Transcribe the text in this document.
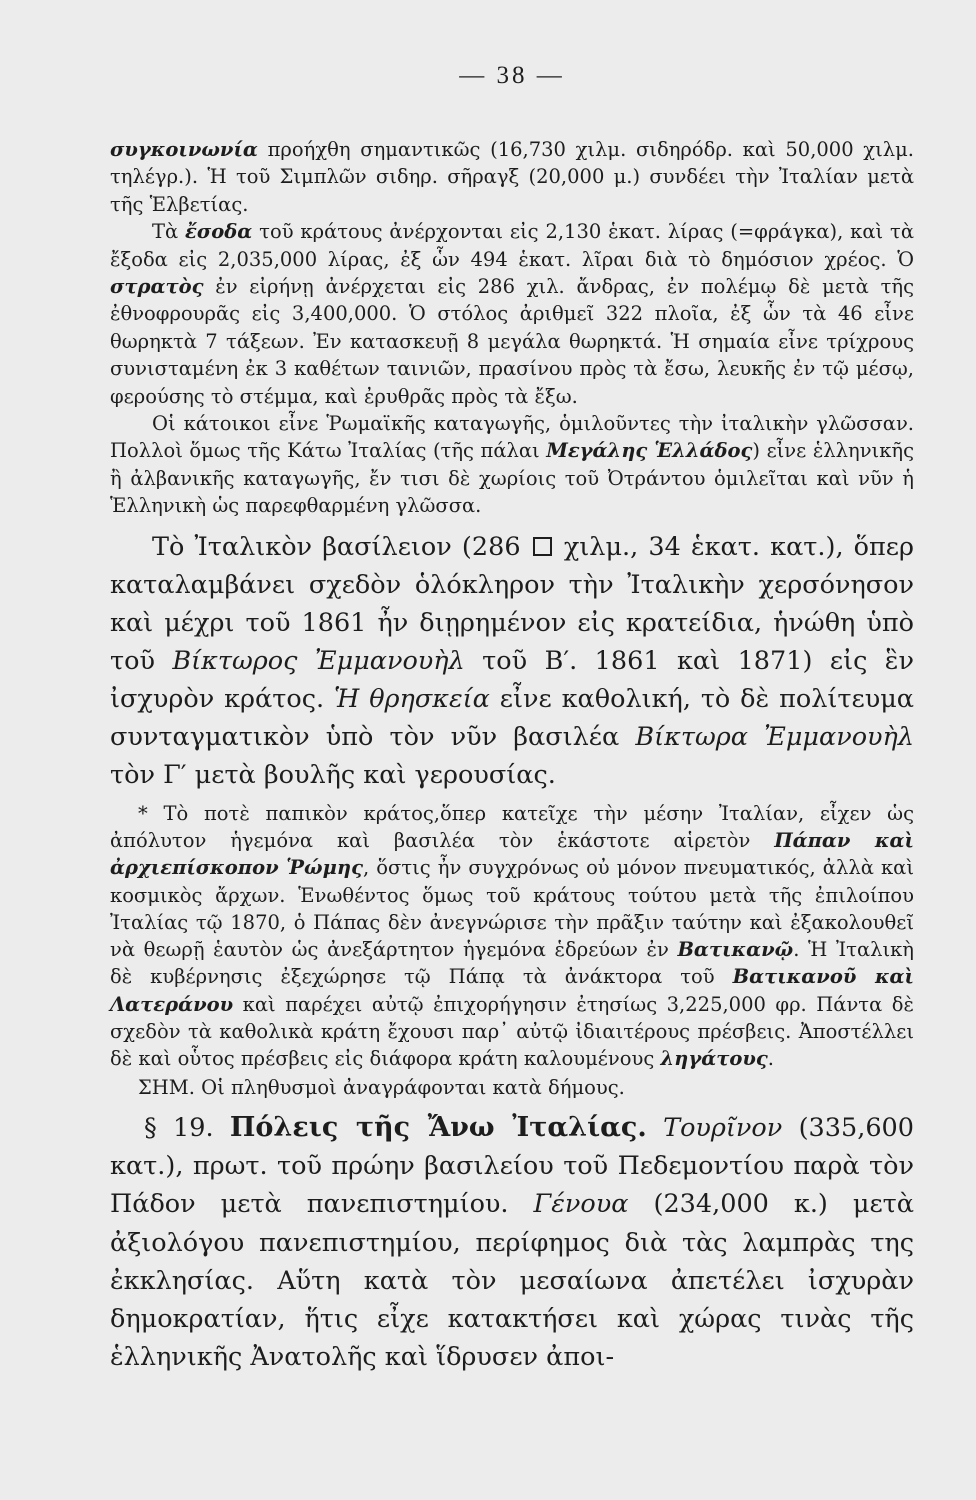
— 38 —

συγκοινωνία προήχθη σημαντικῶς (16,730 χιλμ. σιδηρόδρ. καὶ 50,000 χιλμ. τηλέγρ.). Ἡ τοῦ Σιμπλῶν σιδηρ. σῆραγξ (20,000 μ.) συνδέει τὴν Ἰταλίαν μετὰ τῆς Ἑλβετίας.

Τὰ ἔσοδα τοῦ κράτους ἀνέρχονται εἰς 2,130 ἑκατ. λίρας (=φράγκα), καὶ τὰ ἔξοδα εἰς 2,035,000 λίρας, ἐξ ὧν 494 ἑκατ. λῖραι διὰ τὸ δημόσιον χρέος. Ὁ στρατὸς ἐν εἰρήνῃ ἀνέρχεται εἰς 286 χιλ. ἄνδρας, ἐν πολέμῳ δὲ μετὰ τῆς ἐθνοφρουρᾶς εἰς 3,400,000. Ὁ στόλος ἀριθμεῖ 322 πλοῖα, ἐξ ὧν τὰ 46 εἶνε θωρηκτὰ 7 τάξεων. Ἐν κατασκευῇ 8 μεγάλα θωρηκτά. Ἡ σημαία εἶνε τρίχρους συνισταμένη ἐκ 3 καθέτων ταινιῶν, πρασίνου πρὸς τὰ ἔσω, λευκῆς ἐν τῷ μέσῳ, φερούσης τὸ στέμμα, καὶ ἐρυθρᾶς πρὸς τὰ ἔξω.

Οἱ κάτοικοι εἶνε Ῥωμαϊκῆς καταγωγῆς, ὁμιλοῦντες τὴν ἰταλικὴν γλῶσσαν. Πολλοὶ ὅμως τῆς Κάτω Ἰταλίας (τῆς πάλαι Μεγάλης Ἑλλάδος) εἶνε ἑλληνικῆς ἢ ἀλβανικῆς καταγωγῆς, ἔν τισι δὲ χωρίοις τοῦ Ὀτράντου ὁμιλεῖται καὶ νῦν ἡ Ἑλληνικὴ ὡς παρεφθαρμένη γλῶσσα.

Τὸ Ἰταλικὸν βασίλειον (286 χιλμ., 34 ἑκατ. κατ.), ὅπερ καταλαμβάνει σχεδὸν ὁλόκληρον τὴν Ἰταλικὴν χερσόνησον καὶ μέχρι τοῦ 1861 ἦν διῃρημένον εἰς κρατείδια, ἡνώθη ὑπὸ τοῦ Βίκτωρος Ἐμμανουὴλ τοῦ Β′. 1861 καὶ 1871) εἰς ἓν ἰσχυρὸν κράτος. Ἡ θρησκεία εἶνε καθολική, τὸ δὲ πολίτευμα συνταγματικὸν ὑπὸ τὸν νῦν βασιλέα Βίκτωρα Ἐμμανουὴλ τὸν Γ′ μετὰ βουλῆς καὶ γερουσίας.

* Τὸ ποτὲ παπικὸν κράτος,ὅπερ κατεῖχε τὴν μέσην Ἰταλίαν, εἶχεν ὡς ἀπόλυτον ἡγεμόνα καὶ βασιλέα τὸν ἑκάστοτε αἱρετὸν Πάπαν καὶ ἀρχιεπίσκοπον Ῥώμης, ὅστις ἦν συγχρόνως οὐ μόνον πνευματικός, ἀλλὰ καὶ κοσμικὸς ἄρχων. Ἑνωθέντος ὅμως τοῦ κράτους τούτου μετὰ τῆς ἐπιλοίπου Ἰταλίας τῷ 1870, ὁ Πάπας δὲν ἀνεγνώρισε τὴν πρᾶξιν ταύτην καὶ ἐξακολουθεῖ νὰ θεωρῇ ἑαυτὸν ὡς ἀνεξάρτητον ἡγεμόνα ἑδρεύων ἐν Βατικανῷ. Ἡ Ἰταλικὴ δὲ κυβέρνησις ἐξεχώρησε τῷ Πάπᾳ τὰ ἀνάκτορα τοῦ Βατικανοῦ καὶ Λατεράνου καὶ παρέχει αὐτῷ ἐπιχορήγησιν ἐτησίως 3,225,000 φρ. Πάντα δὲ σχεδὸν τὰ καθολικὰ κράτη ἔχουσι παρ᾽ αὐτῷ ἰδιαιτέρους πρέσβεις. Ἀποστέλλει δὲ καὶ οὗτος πρέσβεις εἰς διάφορα κράτη καλουμένους ληγάτους.

ΣΗΜ. Οἱ πληθυσμοὶ ἀναγράφονται κατὰ δήμους.

§ 19. Πόλεις τῆς Ἄνω Ἰταλίας. Τουρῖνον (335,600 κατ.), πρωτ. τοῦ πρώην βασιλείου τοῦ Πεδεμοντίου παρὰ τὸν Πάδον μετὰ πανεπιστημίου. Γένουα (234,000 κ.) μετὰ ἀξιολόγου πανεπιστημίου, περίφημος διὰ τὰς λαμπρὰς της ἐκκλησίας. Αὕτη κατὰ τὸν μεσαίωνα ἀπετέλει ἰσχυρὰν δημοκρατίαν, ἥτις εἶχε κατακτήσει καὶ χώρας τινὰς τῆς ἑλληνικῆς Ἀνατολῆς καὶ ἵδρυσεν ἀποι-
